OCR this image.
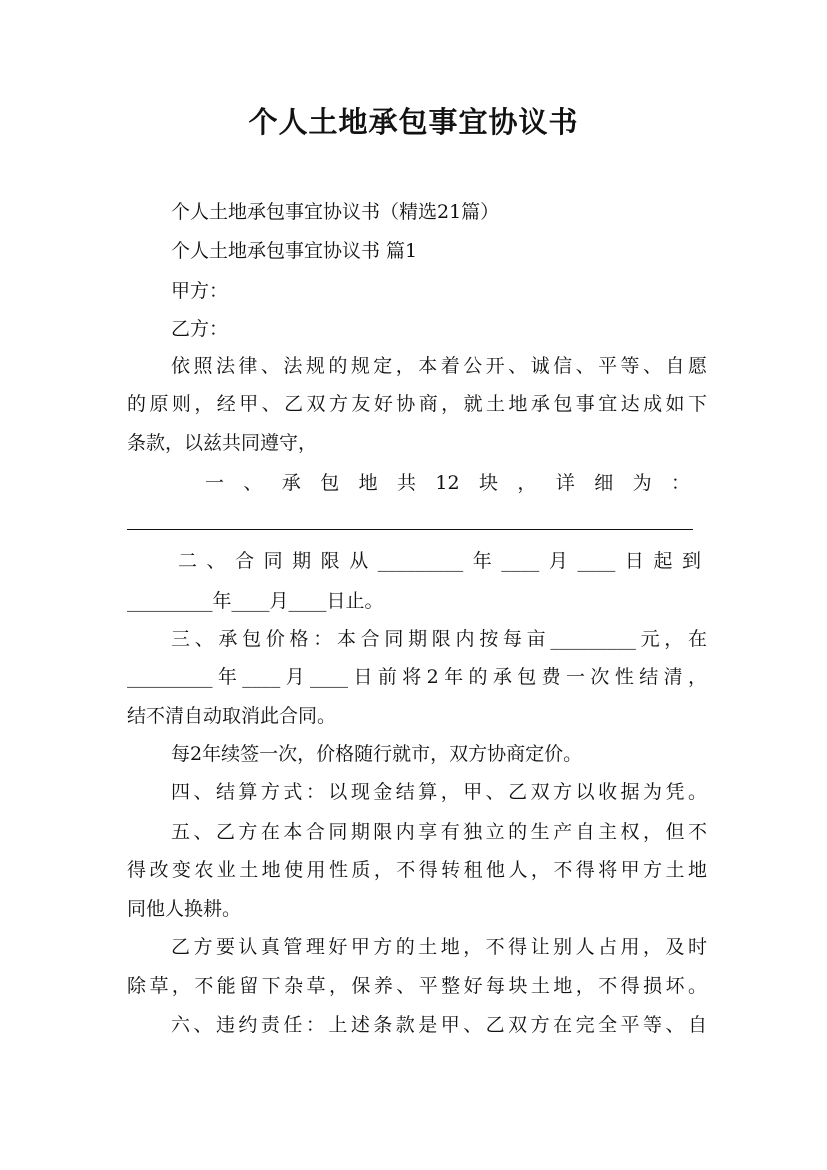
个人土地承包事宜协议书
个人土地承包事宜协议书（精选21篇）
个人土地承包事宜协议书 篇1
甲方：
乙方：
依照法律、法规的规定，本着公开、诚信、平等、自愿
的原则，经甲、乙双方友好协商，就土地承包事宜达成如下
条款，以兹共同遵守，
一、承包地共12块，详细为：
二、合同期限从_________年____月____日起到
_________年____月____日止。
三、承包价格：本合同期限内按每亩_________元，在
_________年____月____日前将2年的承包费一次性结清，
结不清自动取消此合同。
每2年续签一次，价格随行就市，双方协商定价。
四、结算方式：以现金结算，甲、乙双方以收据为凭。
五、乙方在本合同期限内享有独立的生产自主权，但不
得改变农业土地使用性质，不得转租他人，不得将甲方土地
同他人换耕。
乙方要认真管理好甲方的土地，不得让别人占用，及时
除草，不能留下杂草，保养、平整好每块土地，不得损坏。
六、违约责任：上述条款是甲、乙双方在完全平等、自
